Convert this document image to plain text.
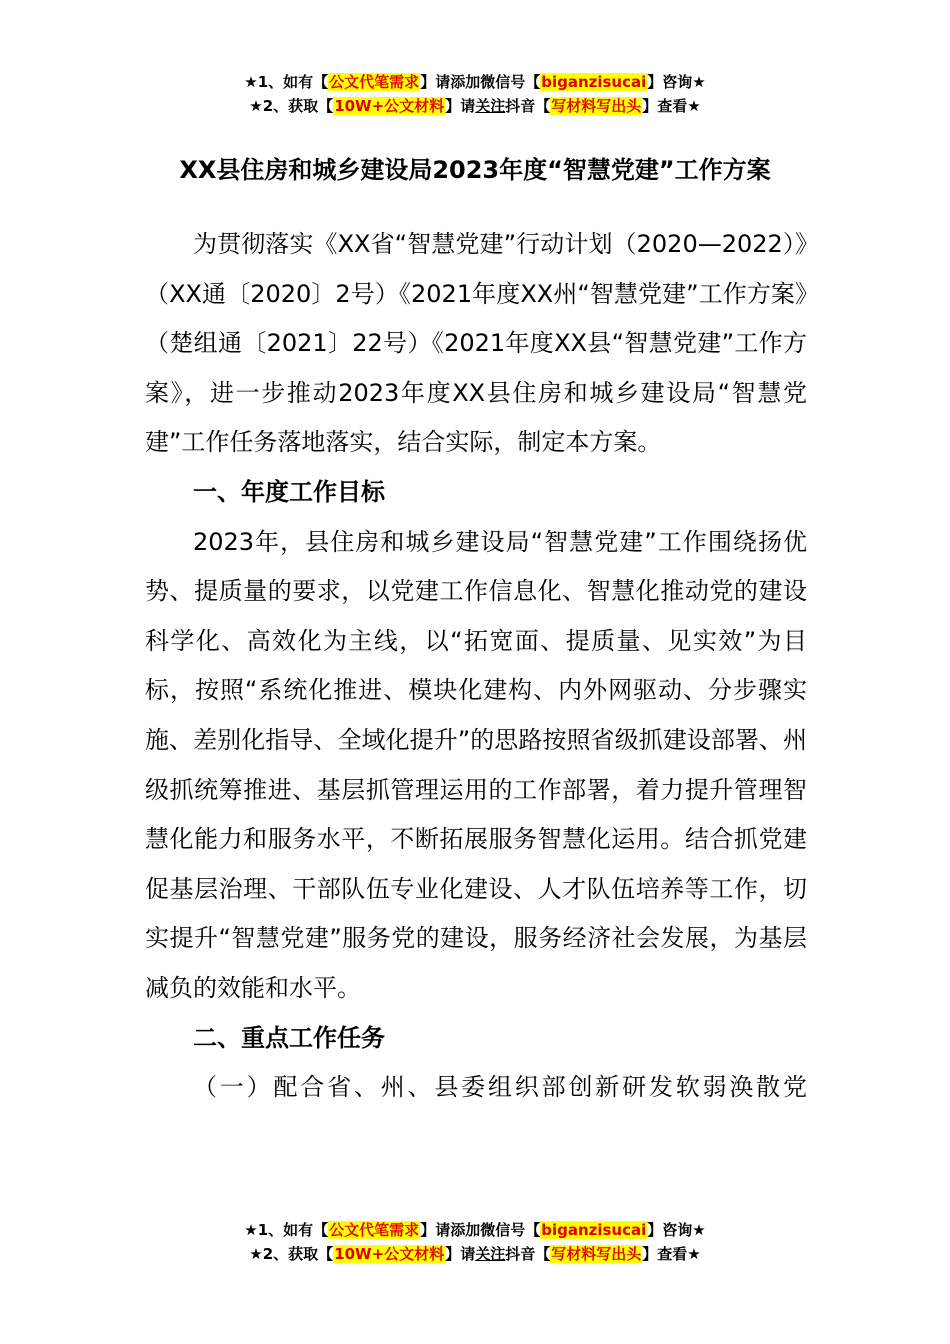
★1、如有【公文代笔需求】请添加微信号【biganzisucai】咨询★
★2、获取【10W+公文材料】请关注抖音【写材料写出头】查看★
XX县住房和城乡建设局2023年度“智慧党建”工作方案

为贯彻落实《XX省“智慧党建”行动计划（2020—2022）》（XX通〔2020〕2号）《2021年度XX州“智慧党建”工作方案》（楚组通〔2021〕22号）《2021年度XX县“智慧党建”工作方案》，进一步推动2023年度XX县住房和城乡建设局“智慧党建”工作任务落地落实，结合实际，制定本方案。

一、年度工作目标

2023年，县住房和城乡建设局“智慧党建”工作围绕扬优势、提质量的要求，以党建工作信息化、智慧化推动党的建设科学化、高效化为主线，以“拓宽面、提质量、见实效”为目标，按照“系统化推进、模块化建构、内外网驱动、分步骤实施、差别化指导、全域化提升”的思路按照省级抓建设部署、州级抓统筹推进、基层抓管理运用的工作部署，着力提升管理智慧化能力和服务水平，不断拓展服务智慧化运用。结合抓党建促基层治理、干部队伍专业化建设、人才队伍培养等工作，切实提升“智慧党建”服务党的建设，服务经济社会发展，为基层减负的效能和水平。

二、重点工作任务

（一）配合省、州、县委组织部创新研发软弱涣散党

★1、如有【公文代笔需求】请添加微信号【biganzisucai】咨询★
★2、获取【10W+公文材料】请关注抖音【写材料写出头】查看★
